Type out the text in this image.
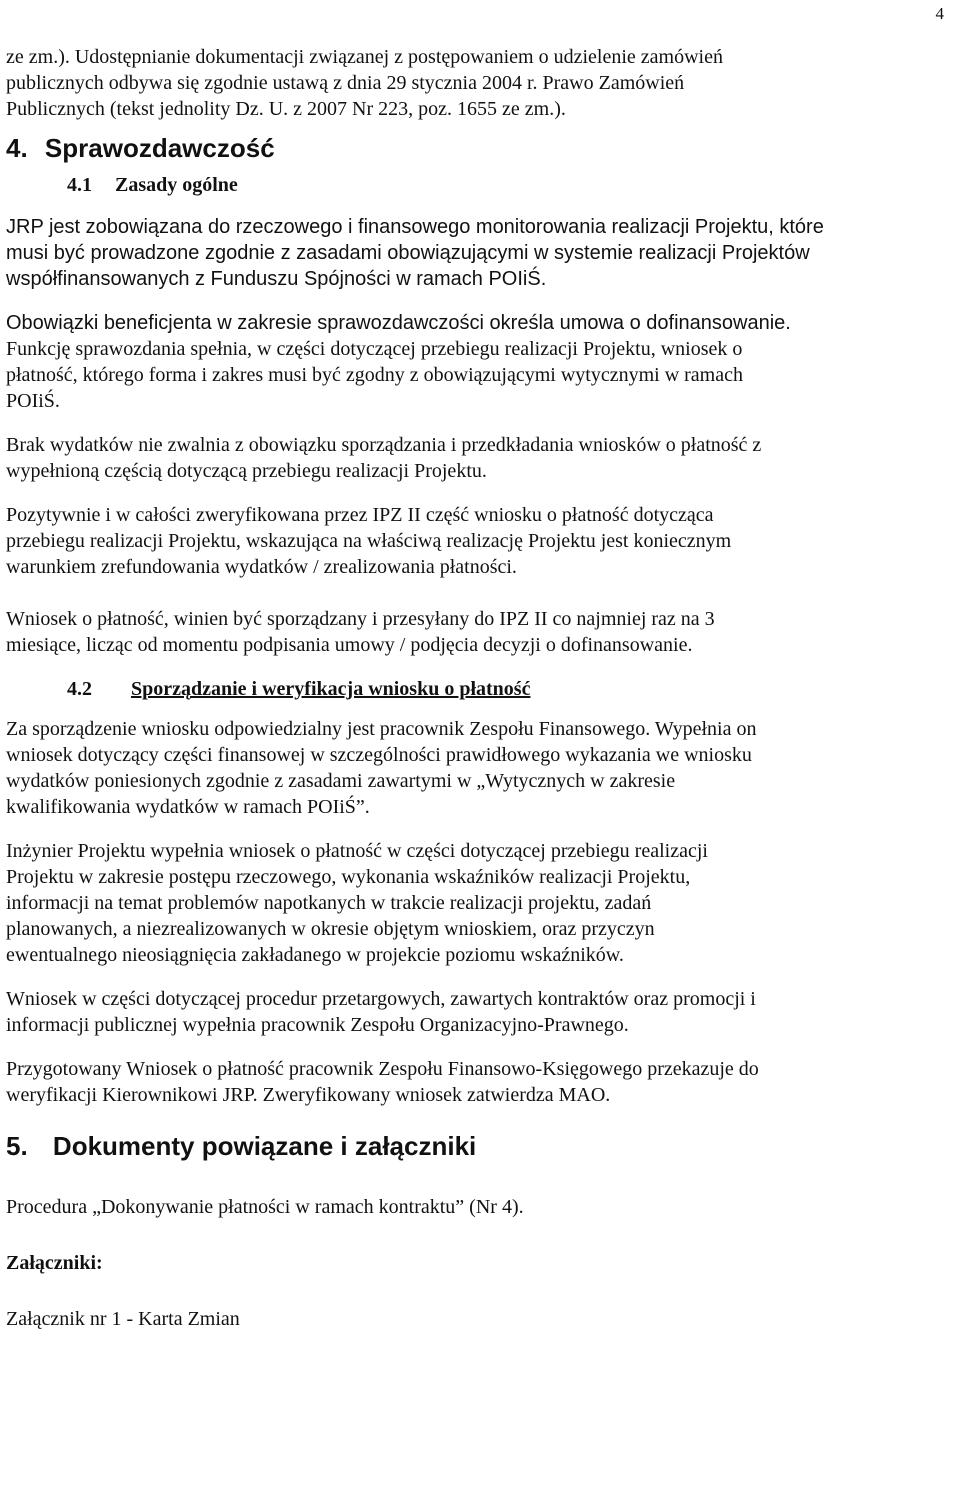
4

ze zm.). Udostępnianie dokumentacji związanej z postępowaniem o udzielenie zamówień

publicznych odbywa się zgodnie ustawą z dnia 29 stycznia 2004 r. Prawo Zamówień

Publicznych (tekst jednolity Dz. U. z 2007 Nr 223, poz. 1655 ze zm.).

4. Sprawozdawczość
4.1 Zasady ogólne

JRP jest zobowiązana do rzeczowego i finansowego monitorowania realizacji Projektu, które

musi być prowadzone zgodnie z zasadami obowiązującymi w systemie realizacji Projektów

współfinansowanych z Funduszu Spójności w ramach POIiŚ.

Obowiązki beneficjenta w zakresie sprawozdawczości określa umowa o dofinansowanie.

Funkcję sprawozdania spełnia, w części dotyczącej przebiegu realizacji Projektu, wniosek o

płatność, którego forma i zakres musi być zgodny z obowiązującymi wytycznymi w ramach

POIiŚ.

Brak wydatków nie zwalnia z obowiązku sporządzania i przedkładania wniosków o płatność z

wypełnioną częścią dotyczącą przebiegu realizacji Projektu.

Pozytywnie i w całości zweryfikowana przez IPZ II część wniosku o płatność dotycząca

przebiegu realizacji Projektu, wskazująca na właściwą realizację Projektu jest koniecznym

warunkiem zrefundowania wydatków / zrealizowania płatności.

Wniosek o płatność, winien być sporządzany i przesyłany do IPZ II co najmniej raz na 3

miesiące, licząc od momentu podpisania umowy / podjęcia decyzji o dofinansowanie.

4.2 Sporządzanie i weryfikacja wniosku o płatność

Za sporządzenie wniosku odpowiedzialny jest pracownik Zespołu Finansowego. Wypełnia on

wniosek dotyczący części finansowej w szczególności prawidłowego wykazania we wniosku

wydatków poniesionych zgodnie z zasadami zawartymi w „Wytycznych w zakresie

kwalifikowania wydatków w ramach POIiŚ”.

Inżynier Projektu wypełnia wniosek o płatność w części dotyczącej przebiegu realizacji

Projektu w zakresie postępu rzeczowego, wykonania wskaźników realizacji Projektu,

informacji na temat problemów napotkanych w trakcie realizacji projektu, zadań

planowanych, a niezrealizowanych w okresie objętym wnioskiem, oraz przyczyn

ewentualnego nieosiągnięcia zakładanego w projekcie poziomu wskaźników.

Wniosek w części dotyczącej procedur przetargowych, zawartych kontraktów oraz promocji i

informacji publicznej wypełnia pracownik Zespołu Organizacyjno-Prawnego.

Przygotowany Wniosek o płatność pracownik Zespołu Finansowo-Księgowego przekazuje do

weryfikacji Kierownikowi JRP. Zweryfikowany wniosek zatwierdza MAO.

5. Dokumenty powiązane i załączniki

Procedura „Dokonywanie płatności w ramach kontraktu” (Nr 4).

Załączniki:

Załącznik nr 1 - Karta Zmian
